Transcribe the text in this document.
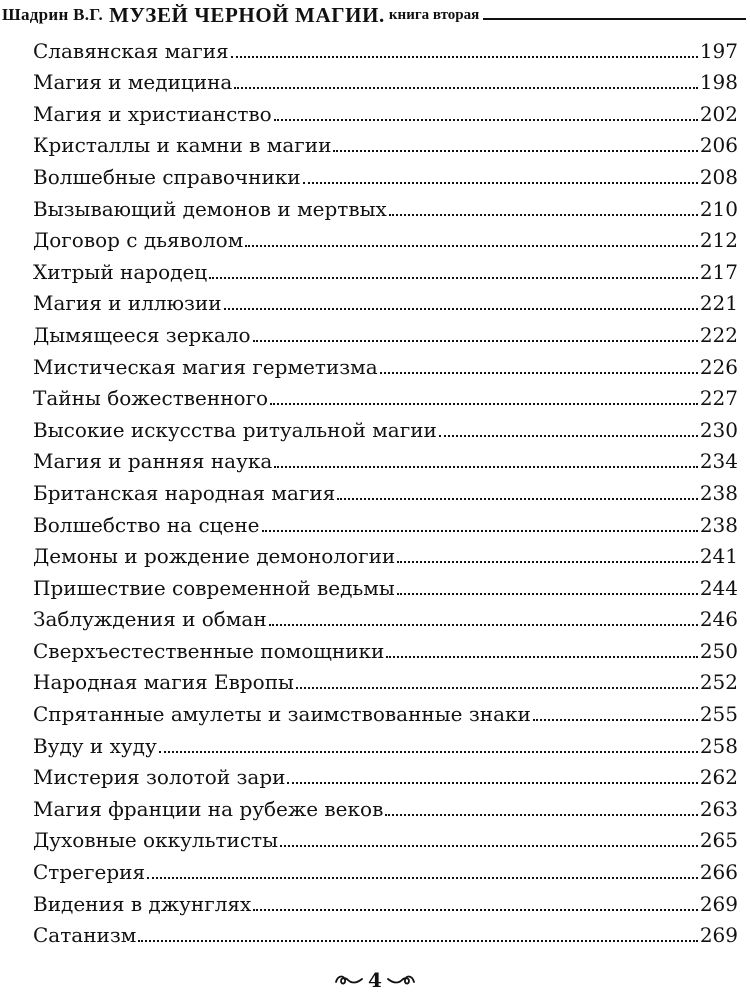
Шадрин В.Г. МУЗЕЙ ЧЕРНОЙ МАГИИ. книга вторая
Славянская магия	197
Магия и медицина	198
Магия и христианство	202
Кристаллы и камни в магии	206
Волшебные справочники	208
Вызывающий демонов и мертвых	210
Договор с дьяволом	212
Хитрый народец	217
Магия и иллюзии	221
Дымящееся зеркало	222
Мистическая магия герметизма	226
Тайны божественного	227
Высокие искусства ритуальной магии	230
Магия и ранняя наука	234
Британская народная магия	238
Волшебство на сцене	238
Демоны и рождение демонологии	241
Пришествие современной ведьмы	244
Заблуждения и обман	246
Сверхъестественные помощники	250
Народная магия Европы	252
Спрятанные амулеты и заимствованные знаки	255
Вуду и худу	258
Мистерия золотой зари	262
Магия франции на рубеже веков	263
Духовные оккультисты	265
Стрегерия	266
Видения в джунглях	269
Сатанизм	269
4
